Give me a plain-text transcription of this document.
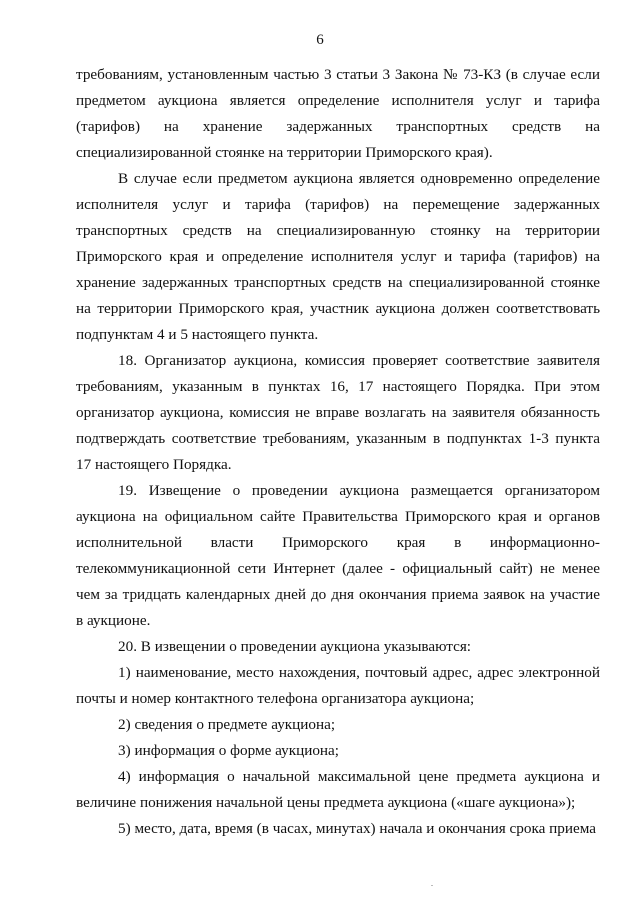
6
требованиям, установленным частью 3 статьи 3 Закона № 73-КЗ (в случае если
предметом аукциона является определение исполнителя услуг и тарифа
(тарифов) на хранение задержанных транспортных средств на
специализированной стоянке на территории Приморского края).
В случае если предметом аукциона является одновременно определение
исполнителя услуг и тарифа (тарифов) на перемещение задержанных
транспортных средств на специализированную стоянку на территории
Приморского края и определение исполнителя услуг и тарифа (тарифов) на
хранение задержанных транспортных средств на специализированной стоянке
на территории Приморского края, участник аукциона должен соответствовать
подпунктам 4 и 5 настоящего пункта.
18. Организатор аукциона, комиссия проверяет соответствие заявителя
требованиям, указанным в пунктах 16, 17 настоящего Порядка. При этом
организатор аукциона, комиссия не вправе возлагать на заявителя обязанность
подтверждать соответствие требованиям, указанным в подпунктах 1-3 пункта
17 настоящего Порядка.
19. Извещение о проведении аукциона размещается организатором
аукциона на официальном сайте Правительства Приморского края и органов
исполнительной власти Приморского края в информационно-
телекоммуникационной сети Интернет (далее - официальный сайт) не менее
чем за тридцать календарных дней до дня окончания приема заявок на участие
в аукционе.
20. В извещении о проведении аукциона указываются:
1) наименование, место нахождения, почтовый адрес, адрес электронной
почты и номер контактного телефона организатора аукциона;
2) сведения о предмете аукциона;
3) информация о форме аукциона;
4) информация о начальной максимальной цене предмета аукциона и
величине понижения начальной цены предмета аукциона («шаге аукциона»);
5) место, дата, время (в часах, минутах) начала и окончания срока приема
